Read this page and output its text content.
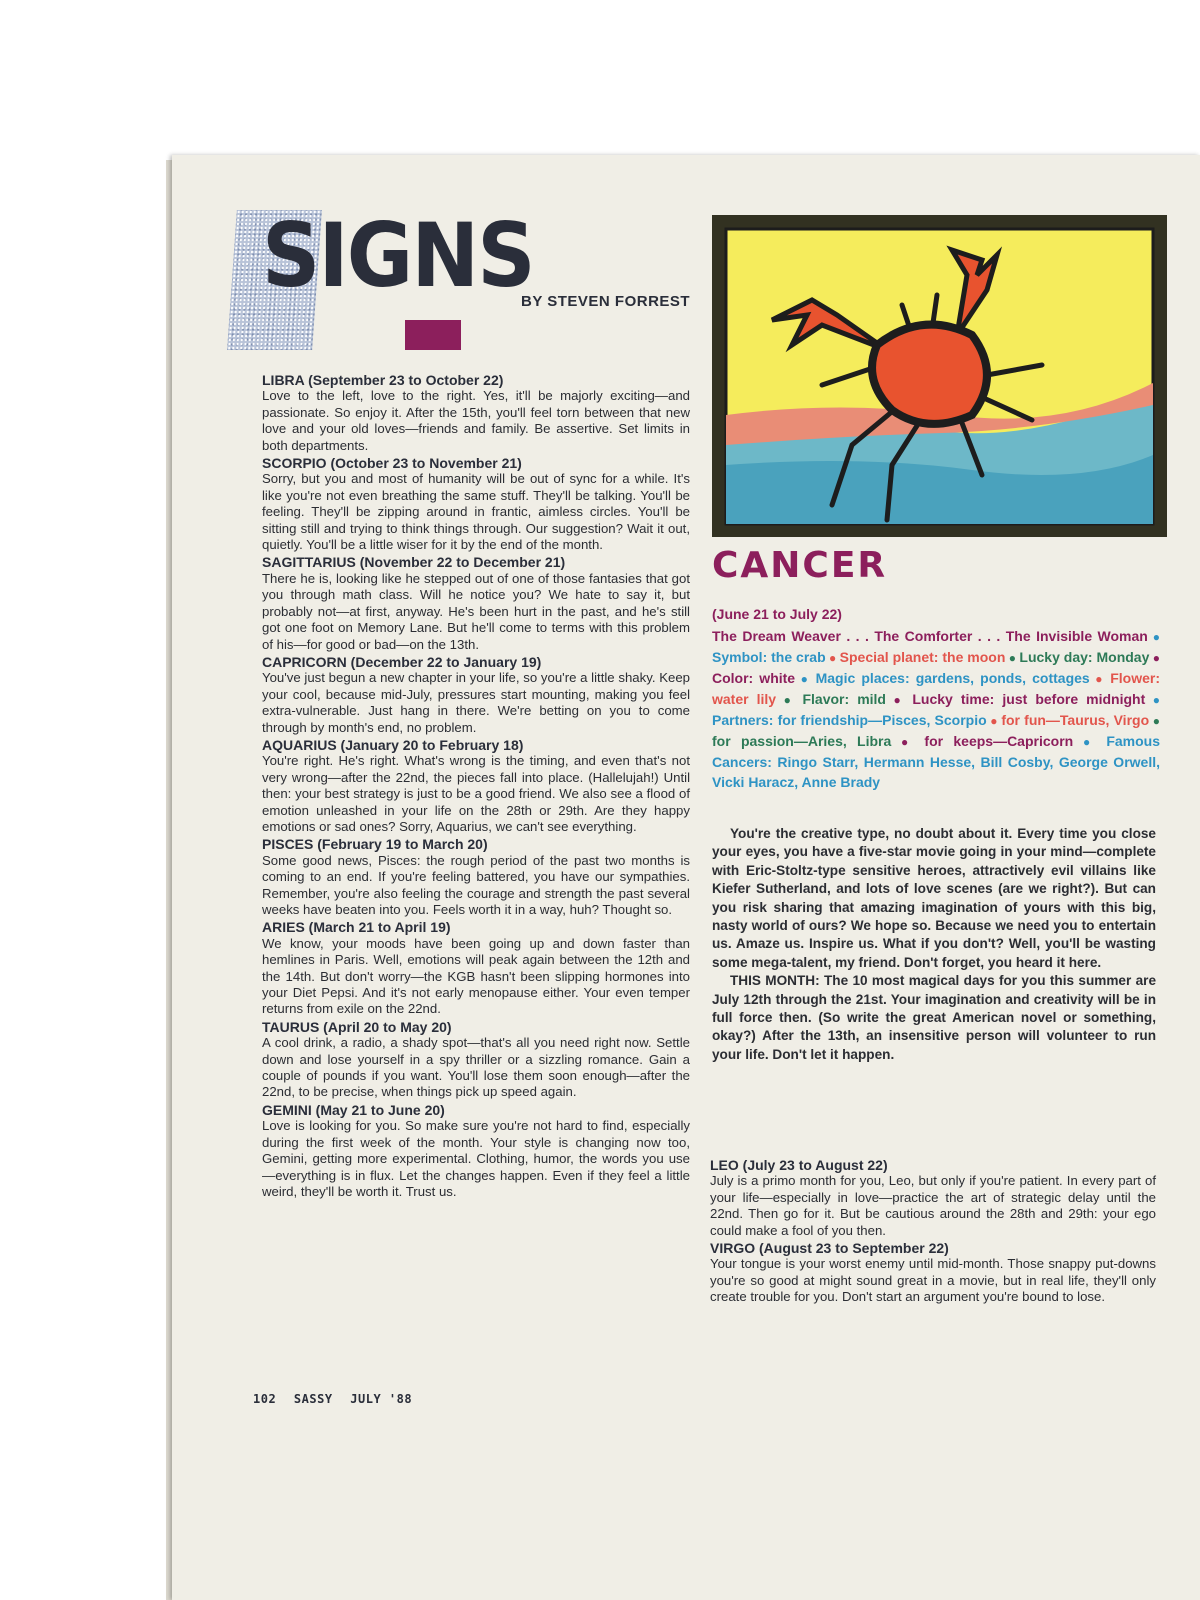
SIGNS
BY STEVEN FORREST
LIBRA (September 23 to October 22)
Love to the left, love to the right. Yes, it'll be majorly exciting—and passionate. So enjoy it. After the 15th, you'll feel torn between that new love and your old loves—friends and family. Be assertive. Set limits in both departments.
SCORPIO (October 23 to November 21)
Sorry, but you and most of humanity will be out of sync for a while. It's like you're not even breathing the same stuff. They'll be talking. You'll be feeling. They'll be zipping around in frantic, aimless circles. You'll be sitting still and trying to think things through. Our suggestion? Wait it out, quietly. You'll be a little wiser for it by the end of the month.
SAGITTARIUS (November 22 to December 21)
There he is, looking like he stepped out of one of those fantasies that got you through math class. Will he notice you? We hate to say it, but probably not—at first, anyway. He's been hurt in the past, and he's still got one foot on Memory Lane. But he'll come to terms with this problem of his—for good or bad—on the 13th.
CAPRICORN (December 22 to January 19)
You've just begun a new chapter in your life, so you're a little shaky. Keep your cool, because mid-July, pressures start mounting, making you feel extra-vulnerable. Just hang in there. We're betting on you to come through by month's end, no problem.
AQUARIUS (January 20 to February 18)
You're right. He's right. What's wrong is the timing, and even that's not very wrong—after the 22nd, the pieces fall into place. (Hallelujah!) Until then: your best strategy is just to be a good friend. We also see a flood of emotion unleashed in your life on the 28th or 29th. Are they happy emotions or sad ones? Sorry, Aquarius, we can't see everything.
PISCES (February 19 to March 20)
Some good news, Pisces: the rough period of the past two months is coming to an end. If you're feeling battered, you have our sympathies. Remember, you're also feeling the courage and strength the past several weeks have beaten into you. Feels worth it in a way, huh? Thought so.
ARIES (March 21 to April 19)
We know, your moods have been going up and down faster than hemlines in Paris. Well, emotions will peak again between the 12th and the 14th. But don't worry—the KGB hasn't been slipping hormones into your Diet Pepsi. And it's not early menopause either. Your even temper returns from exile on the 22nd.
TAURUS (April 20 to May 20)
A cool drink, a radio, a shady spot—that's all you need right now. Settle down and lose yourself in a spy thriller or a sizzling romance. Gain a couple of pounds if you want. You'll lose them soon enough—after the 22nd, to be precise, when things pick up speed again.
GEMINI (May 21 to June 20)
Love is looking for you. So make sure you're not hard to find, especially during the first week of the month. Your style is changing now too, Gemini, getting more experimental. Clothing, humor, the words you use—everything is in flux. Let the changes happen. Even if they feel a little weird, they'll be worth it. Trust us.
CANCER
(June 21 to July 22)
The Dream Weaver . . . The Comforter . . . The Invisible Woman ● Symbol: the crab ● Special planet: the moon ● Lucky day: Monday ● Color: white ● Magic places: gardens, ponds, cottages ● Flower: water lily ● Flavor: mild ● Lucky time: just before midnight ● Partners: for friendship—Pisces, Scorpio ● for fun—Taurus, Virgo ● for passion—Aries, Libra ● for keeps—Capricorn ● Famous Cancers: Ringo Starr, Hermann Hesse, Bill Cosby, George Orwell, Vicki Haracz, Anne Brady

You're the creative type, no doubt about it. Every time you close your eyes, you have a five-star movie going in your mind—complete with Eric-Stoltz-type sensitive heroes, attractively evil villains like Kiefer Sutherland, and lots of love scenes (are we right?). But can you risk sharing that amazing imagination of yours with this big, nasty world of ours? We hope so. Because we need you to entertain us. Amaze us. Inspire us. What if you don't? Well, you'll be wasting some mega-talent, my friend. Don't forget, you heard it here.

THIS MONTH: The 10 most magical days for you this summer are July 12th through the 21st. Your imagination and creativity will be in full force then. (So write the great American novel or something, okay?) After the 13th, an insensitive person will volunteer to run your life. Don't let it happen.

LEO (July 23 to August 22)
July is a primo month for you, Leo, but only if you're patient. In every part of your life—especially in love—practice the art of strategic delay until the 22nd. Then go for it. But be cautious around the 28th and 29th: your ego could make a fool of you then.
VIRGO (August 23 to September 22)
Your tongue is your worst enemy until mid-month. Those snappy put-downs you're so good at might sound great in a movie, but in real life, they'll only create trouble for you. Don't start an argument you're bound to lose.
102 SASSY JULY '88
